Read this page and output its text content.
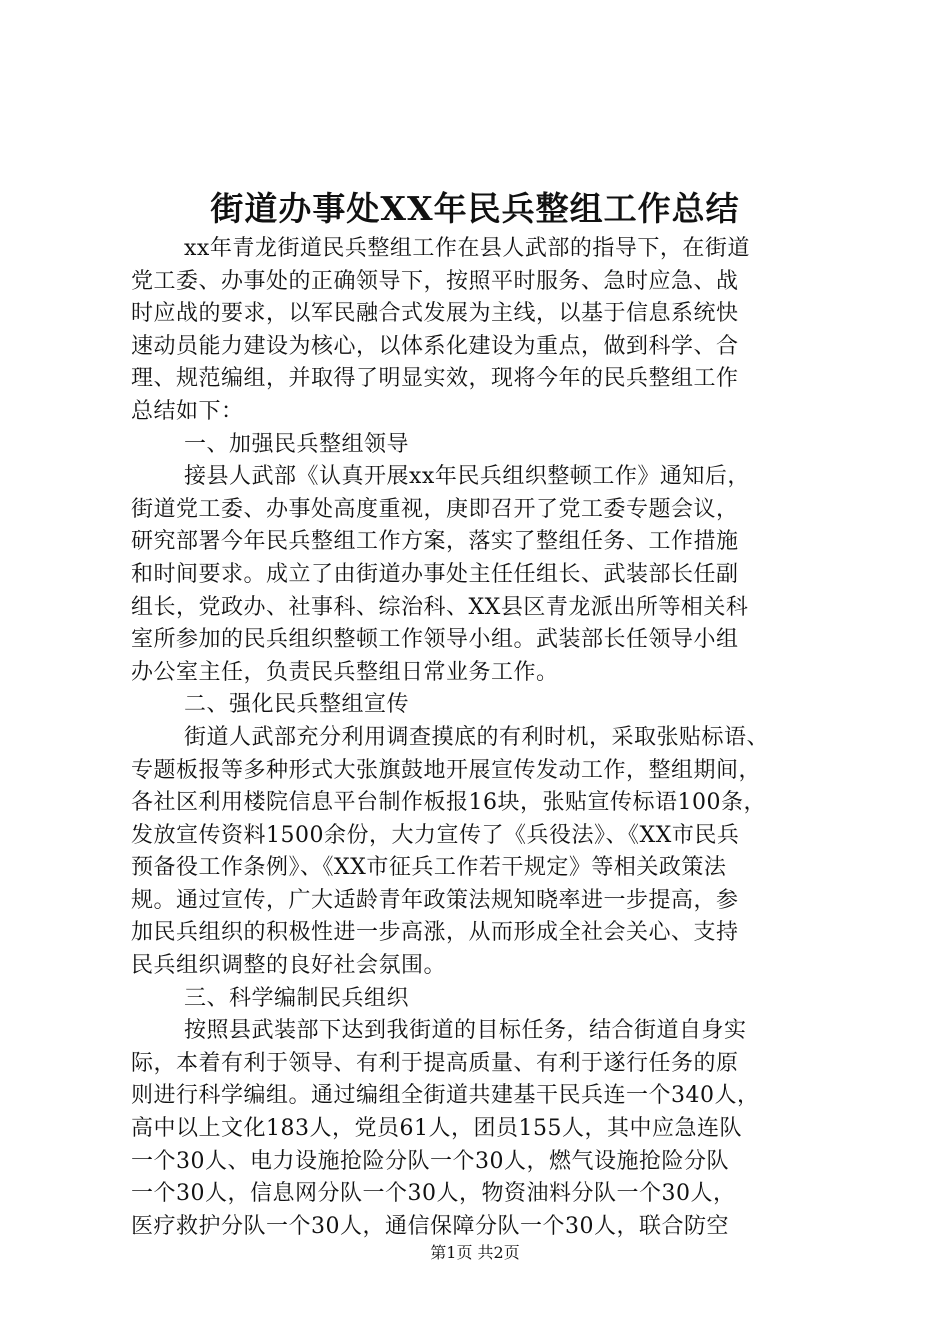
街道办事处XX年民兵整组工作总结
xx年青龙街道民兵整组工作在县人武部的指导下，在街道
党工委、办事处的正确领导下，按照平时服务、急时应急、战
时应战的要求，以军民融合式发展为主线，以基于信息系统快
速动员能力建设为核心，以体系化建设为重点，做到科学、合
理、规范编组，并取得了明显实效，现将今年的民兵整组工作
总结如下：
一、加强民兵整组领导
接县人武部《认真开展xx年民兵组织整顿工作》通知后，
街道党工委、办事处高度重视，庚即召开了党工委专题会议，
研究部署今年民兵整组工作方案，落实了整组任务、工作措施
和时间要求。成立了由街道办事处主任任组长、武装部长任副
组长，党政办、社事科、综治科、XX县区青龙派出所等相关科
室所参加的民兵组织整顿工作领导小组。武装部长任领导小组
办公室主任，负责民兵整组日常业务工作。
二、强化民兵整组宣传
街道人武部充分利用调查摸底的有利时机，采取张贴标语、
专题板报等多种形式大张旗鼓地开展宣传发动工作，整组期间，
各社区利用楼院信息平台制作板报16块，张贴宣传标语100条，
发放宣传资料1500余份，大力宣传了《兵役法》、《XX市民兵
预备役工作条例》、《XX市征兵工作若干规定》等相关政策法
规。通过宣传，广大适龄青年政策法规知晓率进一步提高，参
加民兵组织的积极性进一步高涨，从而形成全社会关心、支持
民兵组织调整的良好社会氛围。
三、科学编制民兵组织
按照县武装部下达到我街道的目标任务，结合街道自身实
际，本着有利于领导、有利于提高质量、有利于遂行任务的原
则进行科学编组。通过编组全街道共建基干民兵连一个340人，
高中以上文化183人，党员61人，团员155人，其中应急连队
一个30人、电力设施抢险分队一个30人，燃气设施抢险分队
一个30人，信息网分队一个30人，物资油料分队一个30人，
医疗救护分队一个30人，通信保障分队一个30人，联合防空
第1页 共2页
